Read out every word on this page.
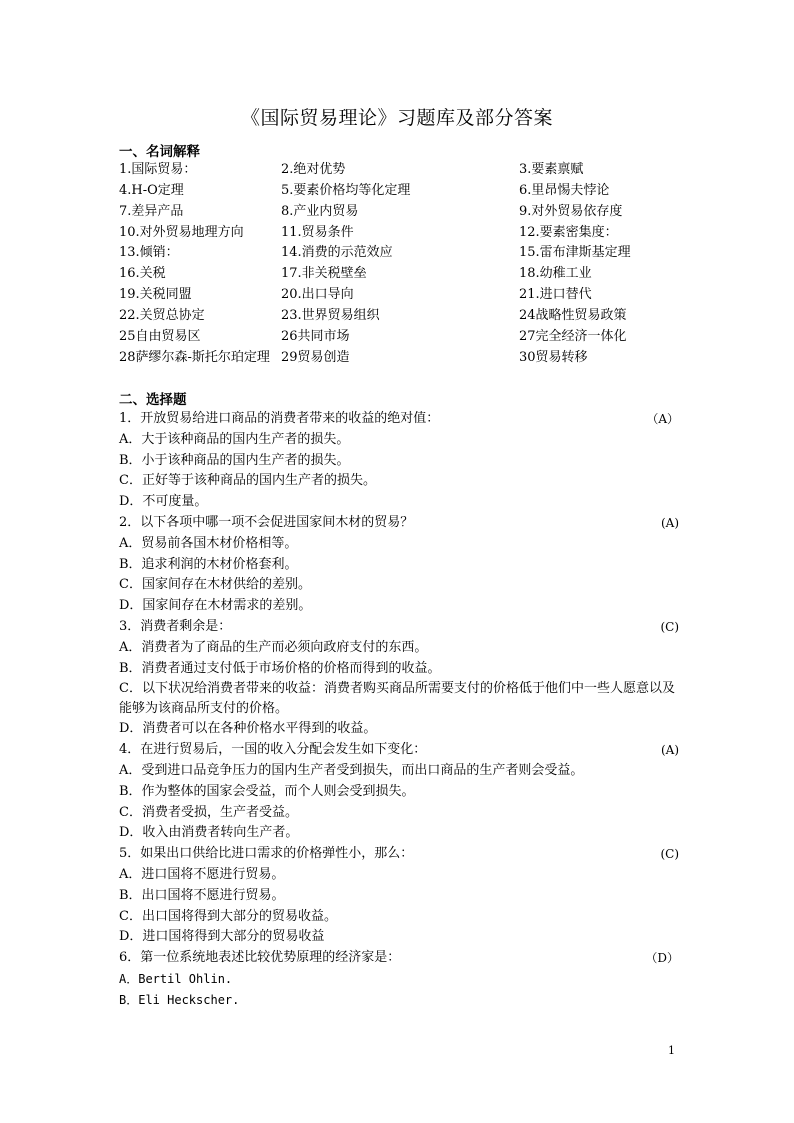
《国际贸易理论》习题库及部分答案
一、名词解释
1.国际贸易：	2.绝对优势	3.要素禀赋
4.H-O定理	5.要素价格均等化定理	6.里昂惕夫悖论
7.差异产品	8.产业内贸易	9.对外贸易依存度
10.对外贸易地理方向	11.贸易条件	12.要素密集度：
13.倾销：	14.消费的示范效应	15.雷布津斯基定理
16.关税	17.非关税壁垒	18.幼稚工业
19.关税同盟	20.出口导向	21.进口替代
22.关贸总协定	23.世界贸易组织	24战略性贸易政策
25自由贸易区	26共同市场	27完全经济一体化
28萨缪尔森-斯托尔珀定理 29贸易创造	30贸易转移
二、选择题
1．开放贸易给进口商品的消费者带来的收益的绝对值：	（A）
A．大于该种商品的国内生产者的损失。
B．小于该种商品的国内生产者的损失。
C．正好等于该种商品的国内生产者的损失。
D．不可度量。
2．以下各项中哪一项不会促进国家间木材的贸易？	(A)
A．贸易前各国木材价格相等。
B．追求利润的木材价格套利。
C．国家间存在木材供给的差别。
D．国家间存在木材需求的差别。
3．消费者剩余是：	(C)
A．消费者为了商品的生产而必须向政府支付的东西。
B．消费者通过支付低于市场价格的价格而得到的收益。
C．以下状况给消费者带来的收益：消费者购买商品所需要支付的价格低于他们中一些人愿意以及能够为该商品所支付的价格。
D．消费者可以在各种价格水平得到的收益。
4．在进行贸易后，一国的收入分配会发生如下变化：	(A)
A．受到进口品竞争压力的国内生产者受到损失，而出口商品的生产者则会受益。
B．作为整体的国家会受益，而个人则会受到损失。
C．消费者受损，生产者受益。
D．收入由消费者转向生产者。
5．如果出口供给比进口需求的价格弹性小，那么：	(C)
A．进口国将不愿进行贸易。
B．出口国将不愿进行贸易。
C．出口国将得到大部分的贸易收益。
D．进口国将得到大部分的贸易收益
6．第一位系统地表述比较优势原理的经济家是：	（D）
A．Bertil Ohlin.
B．Eli Heckscher.
1
